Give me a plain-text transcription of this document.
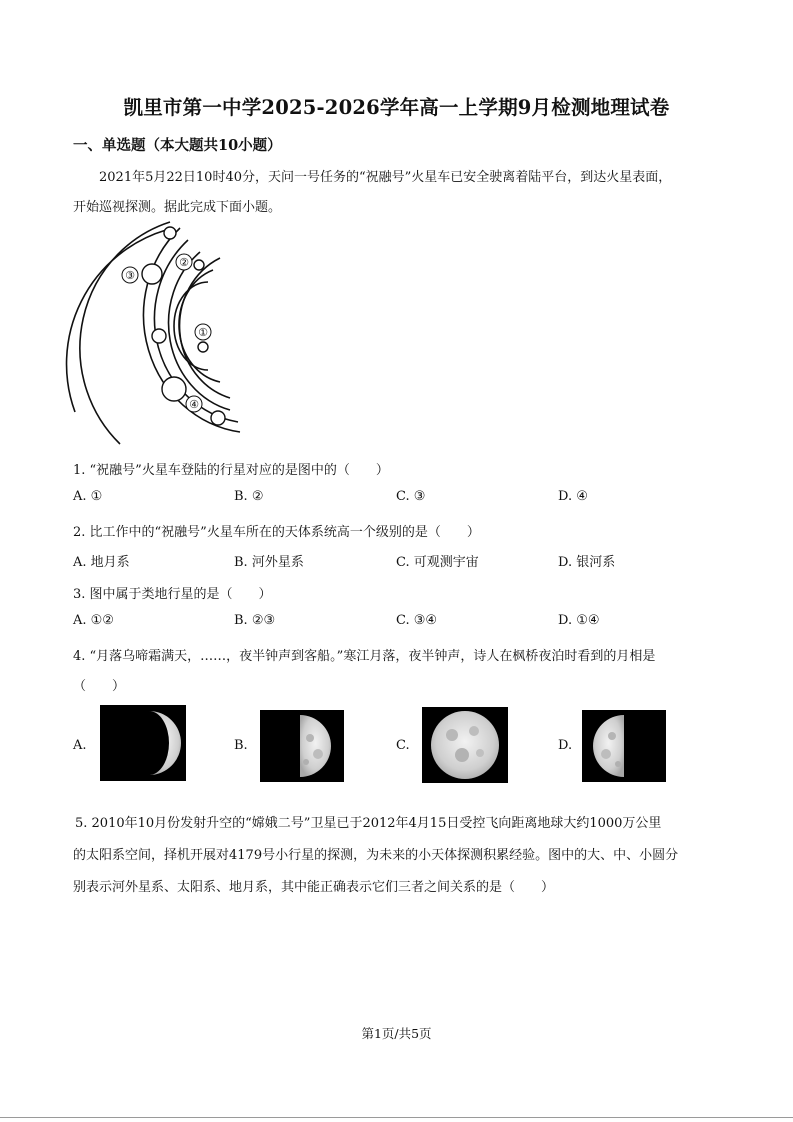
凯里市第一中学2025-2026学年高一上学期9月检测地理试卷
一、单选题（本大题共10小题）
2021年5月22日10时40分，天问一号任务的“祝融号”火星车已安全驶离着陆平台，到达火星表面，
开始巡视探测。据此完成下面小题。
①
②
③
④
1. “祝融号”火星车登陆的行星对应的是图中的（　　）
A. ①	B. ②	C. ③	D. ④
2. 比工作中的“祝融号”火星车所在的天体系统高一个级别的是（　　）
A. 地月系	B. 河外星系	C. 可观测宇宙	D. 银河系
3. 图中属于类地行星的是（　　）
A. ①②	B. ②③	C. ③④	D. ①④
4. “月落乌啼霜满天，……，夜半钟声到客船。”寒江月落，夜半钟声，诗人在枫桥夜泊时看到的月相是
（　　）
A.	B.	C.	D.
5. 2010年10月份发射升空的“嫦娥二号”卫星已于2012年4月15日受控飞向距离地球大约1000万公里
的太阳系空间，择机开展对4179号小行星的探测，为未来的小天体探测积累经验。图中的大、中、小圆分
别表示河外星系、太阳系、地月系，其中能正确表示它们三者之间关系的是（　　）
第1页/共5页
